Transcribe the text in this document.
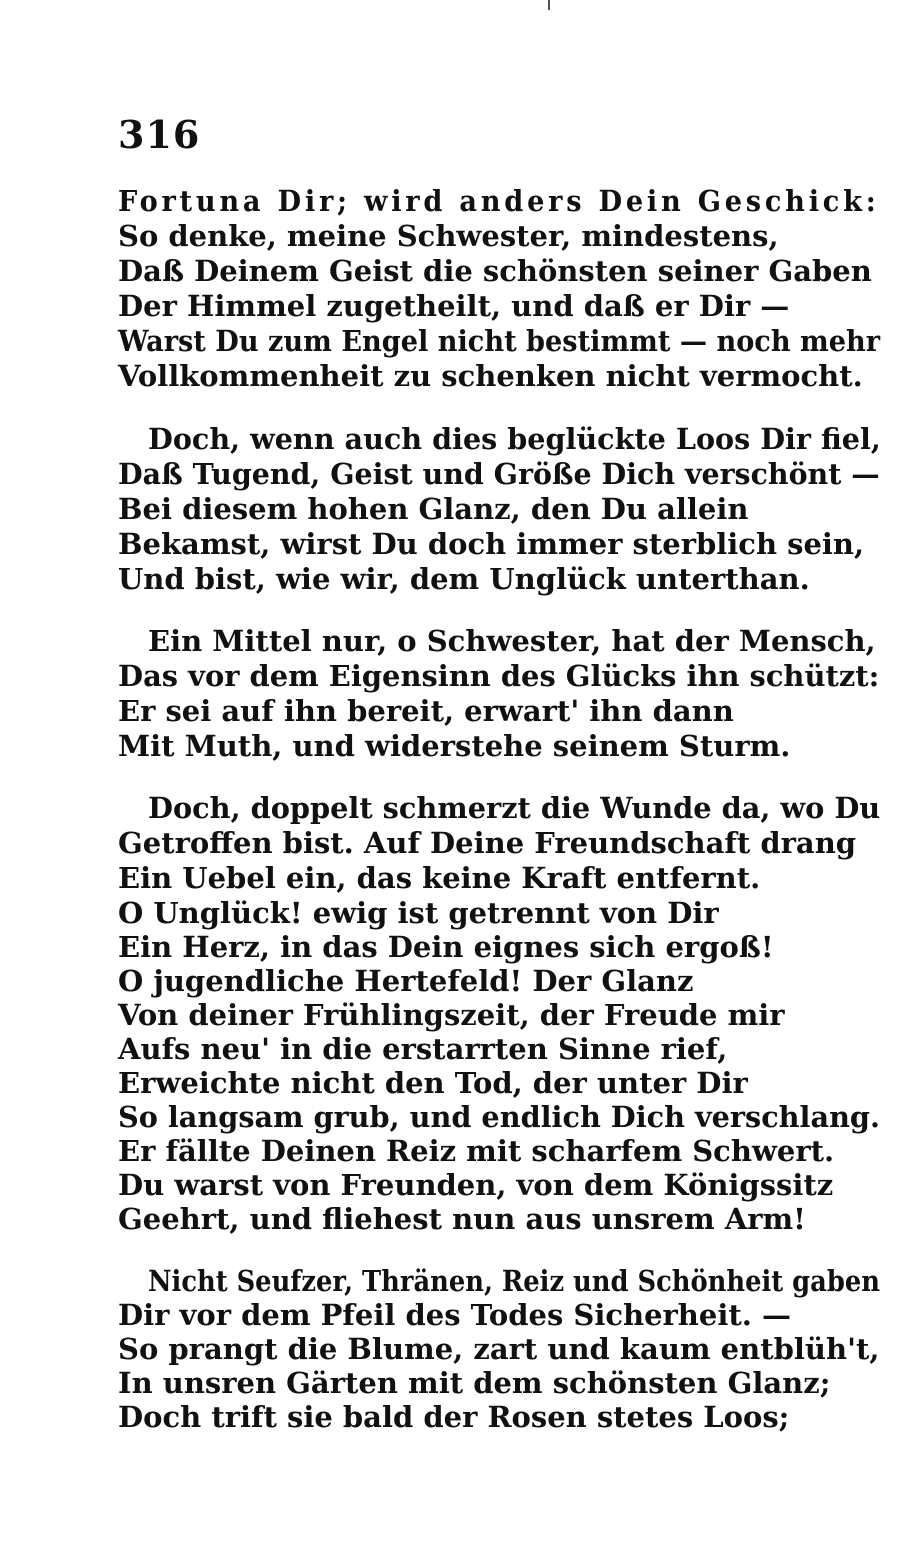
316
Fortuna Dir; wird anders Dein Geschick:
So denke, meine Schwester, mindestens,
Daß Deinem Geist die schönsten seiner Gaben
Der Himmel zugetheilt, und daß er Dir —
Warst Du zum Engel nicht bestimmt — noch mehr
Vollkommenheit zu schenken nicht vermocht.
Doch, wenn auch dies beglückte Loos Dir fiel,
Daß Tugend, Geist und Größe Dich verschönt —
Bei diesem hohen Glanz, den Du allein
Bekamst, wirst Du doch immer sterblich sein,
Und bist, wie wir, dem Unglück unterthan.
Ein Mittel nur, o Schwester, hat der Mensch,
Das vor dem Eigensinn des Glücks ihn schützt:
Er sei auf ihn bereit, erwart' ihn dann
Mit Muth, und widerstehe seinem Sturm.
Doch, doppelt schmerzt die Wunde da, wo Du
Getroffen bist. Auf Deine Freundschaft drang
Ein Uebel ein, das keine Kraft entfernt.
O Unglück! ewig ist getrennt von Dir
Ein Herz, in das Dein eignes sich ergoß!
O jugendliche Hertefeld! Der Glanz
Von deiner Frühlingszeit, der Freude mir
Aufs neu' in die erstarrten Sinne rief,
Erweichte nicht den Tod, der unter Dir
So langsam grub, und endlich Dich verschlang.
Er fällte Deinen Reiz mit scharfem Schwert.
Du warst von Freunden, von dem Königssitz
Geehrt, und fliehest nun aus unsrem Arm!
Nicht Seufzer, Thränen, Reiz und Schönheit gaben
Dir vor dem Pfeil des Todes Sicherheit. —
So prangt die Blume, zart und kaum entblüh't,
In unsren Gärten mit dem schönsten Glanz;
Doch trift sie bald der Rosen stetes Loos;
